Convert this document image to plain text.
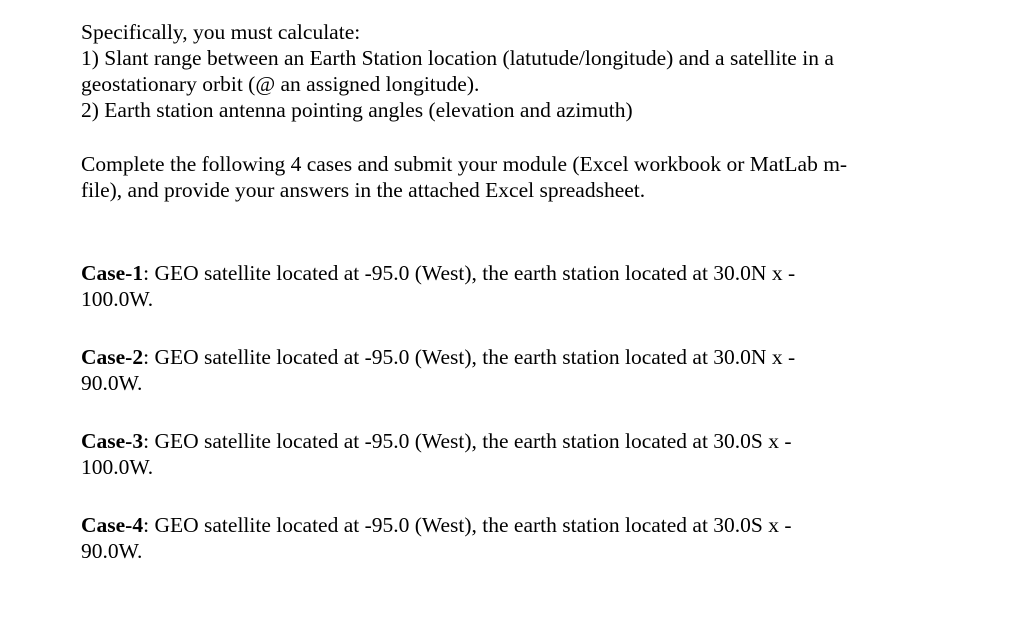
Specifically, you must calculate:

1) Slant range between an Earth Station location (latutude/longitude) and a satellite in a

geostationary orbit (@ an assigned longitude).

2) Earth station antenna pointing angles (elevation and azimuth)

Complete the following 4 cases and submit your module (Excel workbook or MatLab m-

file), and provide your answers in the attached Excel spreadsheet.

Case-1: GEO satellite located at -95.0 (West), the earth station located at 30.0N x -

100.0W.

Case-2: GEO satellite located at -95.0 (West), the earth station located at 30.0N x -

90.0W.

Case-3: GEO satellite located at -95.0 (West), the earth station located at 30.0S x -

100.0W.

Case-4: GEO satellite located at -95.0 (West), the earth station located at 30.0S x -

90.0W.
